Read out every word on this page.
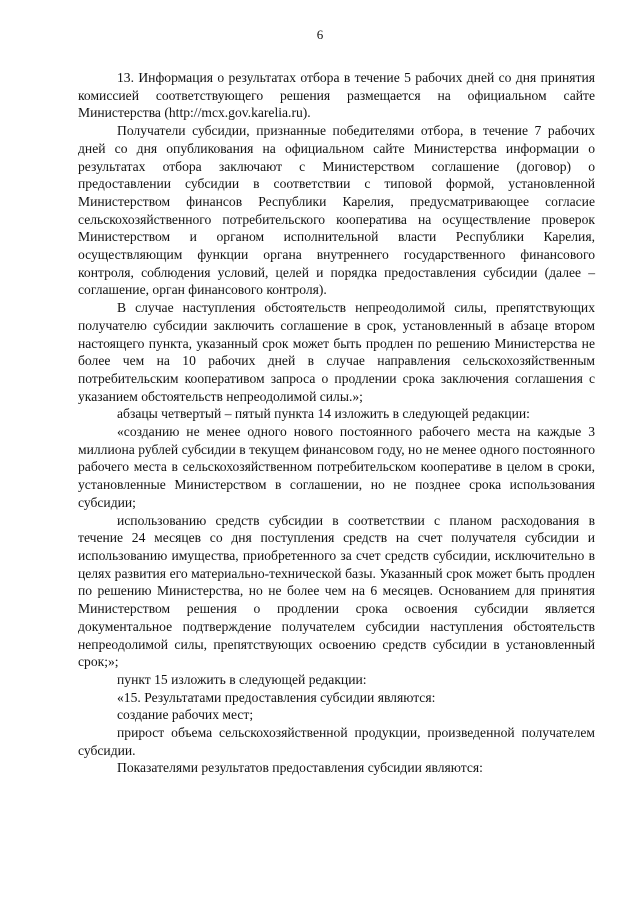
6

13. Информация о результатах отбора в течение 5 рабочих дней со дня принятия комиссией соответствующего решения размещается на официальном сайте Министерства (http://mcx.gov.karelia.ru).

Получатели субсидии, признанные победителями отбора, в течение 7 рабочих дней со дня опубликования на официальном сайте Министерства информации о результатах отбора заключают с Министерством соглашение (договор) о предоставлении субсидии в соответствии с типовой формой, установленной Министерством финансов Республики Карелия, предусматривающее согласие сельскохозяйственного потребительского кооператива на осуществление проверок Министерством и органом исполнительной власти Республики Карелия, осуществляющим функции органа внутреннего государственного финансового контроля, соблюдения условий, целей и порядка предоставления субсидии (далее – соглашение, орган финансового контроля).

В случае наступления обстоятельств непреодолимой силы, препятствующих получателю субсидии заключить соглашение в срок, установленный в абзаце втором настоящего пункта, указанный срок может быть продлен по решению Министерства не более чем на 10 рабочих дней в случае направления сельскохозяйственным потребительским кооперативом запроса о продлении срока заключения соглашения с указанием обстоятельств непреодолимой силы.»;

абзацы четвертый – пятый пункта 14 изложить в следующей редакции:

«созданию не менее одного нового постоянного рабочего места на каждые 3 миллиона рублей субсидии в текущем финансовом году, но не менее одного постоянного рабочего места в сельскохозяйственном потребительском кооперативе в целом в сроки, установленные Министерством в соглашении, но не позднее срока использования субсидии;

использованию средств субсидии в соответствии с планом расходования в течение 24 месяцев со дня поступления средств на счет получателя субсидии и использованию имущества, приобретенного за счет средств субсидии, исключительно в целях развития его материально-технической базы. Указанный срок может быть продлен по решению Министерства, но не более чем на 6 месяцев. Основанием для принятия Министерством решения о продлении срока освоения субсидии является документальное подтверждение получателем субсидии наступления обстоятельств непреодолимой силы, препятствующих освоению средств субсидии в установленный срок;»;

пункт 15 изложить в следующей редакции:

«15. Результатами предоставления субсидии являются:

создание рабочих мест;

прирост объема сельскохозяйственной продукции, произведенной получателем субсидии.

Показателями результатов предоставления субсидии являются:
